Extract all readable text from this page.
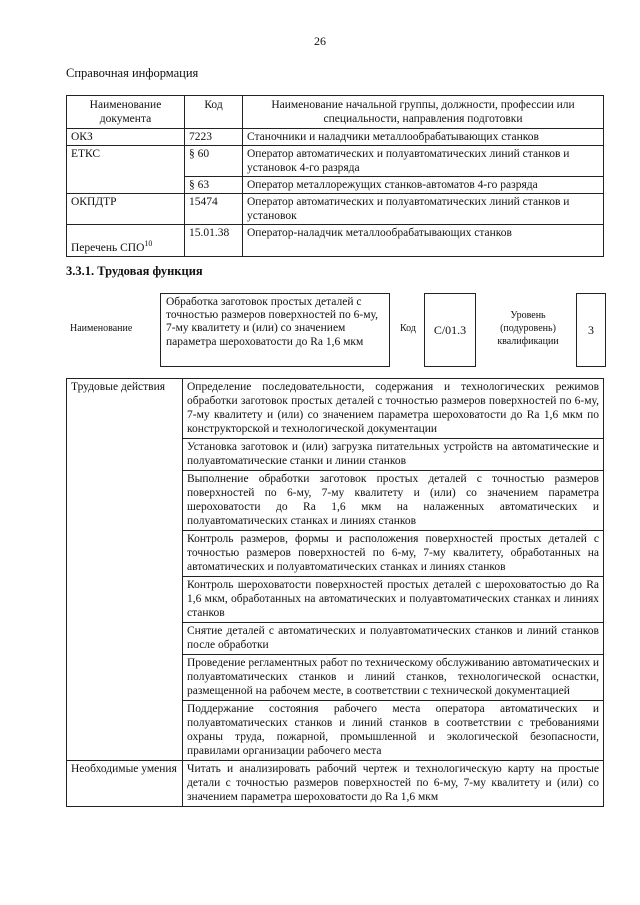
26
Справочная информация
Наименование документа	Код	Наименование начальной группы, должности, профессии или специальности, направления подготовки
ОКЗ	7223	Станочники и наладчики металлообрабатывающих станков
ЕТКС	§ 60	Оператор автоматических и полуавтоматических линий станков и установок 4-го разряда
	§ 63	Оператор металлорежущих станков-автоматов 4-го разряда
ОКПДТР	15474	Оператор автоматических и полуавтоматических линий станков и установок
Перечень СПО$^{10}$	15.01.38	Оператор-наладчик металлообрабатывающих станков
3.3.1. Трудовая функция
Наименование
Обработка заготовок простых деталей с точностью размеров поверхностей по 6-му, 7-му квалитету и (или) со значением параметра шероховатости до Ra 1,6 мкм
Код	C/01.3
Уровень (подуровень) квалификации
3
Трудовые действия	Определение последовательности, содержания и технологических режимов обработки заготовок простых деталей с точностью размеров поверхностей по 6-му, 7-му квалитету и (или) со значением параметра шероховатости до Ra 1,6 мкм по конструкторской и технологической документации
	Установка заготовок и (или) загрузка питательных устройств на автоматические и полуавтоматические станки и линии станков
	Выполнение обработки заготовок простых деталей с точностью размеров поверхностей по 6-му, 7-му квалитету и (или) со значением параметра шероховатости до Ra 1,6 мкм на налаженных автоматических и полуавтоматических станках и линиях станков
	Контроль размеров, формы и расположения поверхностей простых деталей с точностью размеров поверхностей по 6-му, 7-му квалитету, обработанных на автоматических и полуавтоматических станках и линиях станков
	Контроль шероховатости поверхностей простых деталей с шероховатостью до Ra 1,6 мкм, обработанных на автоматических и полуавтоматических станках и линиях станков
	Снятие деталей с автоматических и полуавтоматических станков и линий станков после обработки
	Проведение регламентных работ по техническому обслуживанию автоматических и полуавтоматических станков и линий станков, технологической оснастки, размещенной на рабочем месте, в соответствии с технической документацией
	Поддержание состояния рабочего места оператора автоматических и полуавтоматических станков и линий станков в соответствии с требованиями охраны труда, пожарной, промышленной и экологической безопасности, правилами организации рабочего места
Необходимые умения	Читать и анализировать рабочий чертеж и технологическую карту на простые детали с точностью размеров поверхностей по 6-му, 7-му квалитету и (или) со значением параметра шероховатости до Ra 1,6 мкм
